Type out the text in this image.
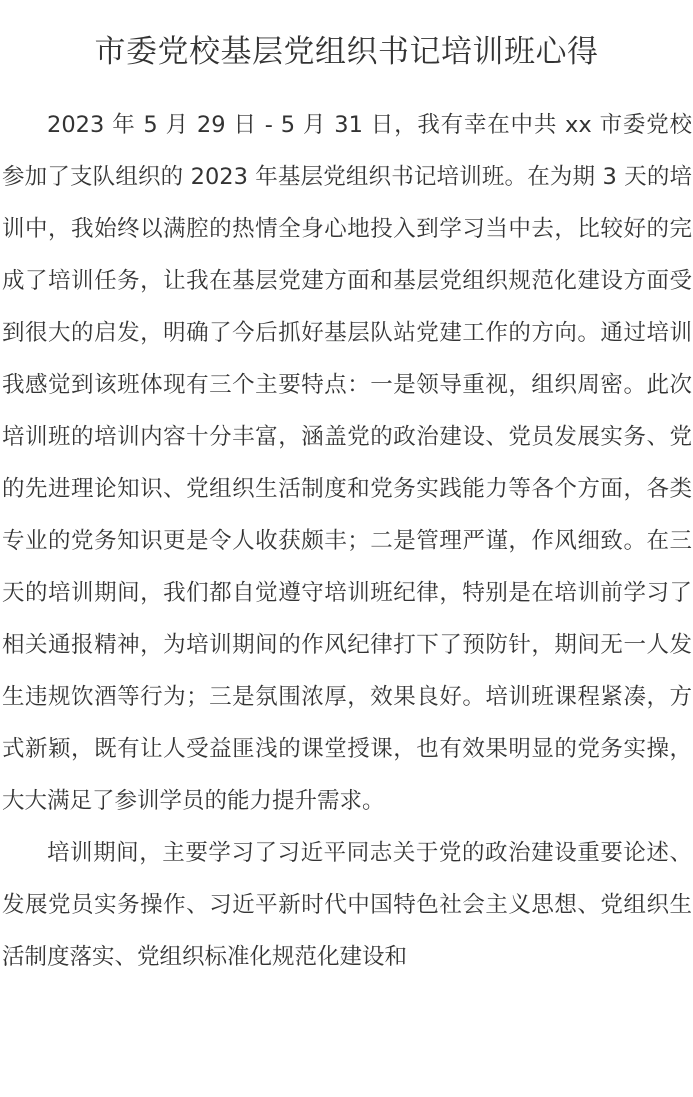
市委党校基层党组织书记培训班心得

2023 年 5 月 29 日 - 5 月 31 日，我有幸在中共 xx 市委党校参加了支队组织的 2023 年基层党组织书记培训班。在为期 3 天的培训中，我始终以满腔的热情全身心地投入到学习当中去，比较好的完成了培训任务，让我在基层党建方面和基层党组织规范化建设方面受到很大的启发，明确了今后抓好基层队站党建工作的方向。通过培训我感觉到该班体现有三个主要特点：一是领导重视，组织周密。此次培训班的培训内容十分丰富，涵盖党的政治建设、党员发展实务、党的先进理论知识、党组织生活制度和党务实践能力等各个方面，各类专业的党务知识更是令人收获颇丰；二是管理严谨，作风细致。在三天的培训期间，我们都自觉遵守培训班纪律，特别是在培训前学习了相关通报精神，为培训期间的作风纪律打下了预防针，期间无一人发生违规饮酒等行为；三是氛围浓厚，效果良好。培训班课程紧凑，方式新颖，既有让人受益匪浅的课堂授课，也有效果明显的党务实操，大大满足了参训学员的能力提升需求。

培训期间，主要学习了习近平同志关于党的政治建设重要论述、发展党员实务操作、习近平新时代中国特色社会主义思想、党组织生活制度落实、党组织标准化规范化建设和
